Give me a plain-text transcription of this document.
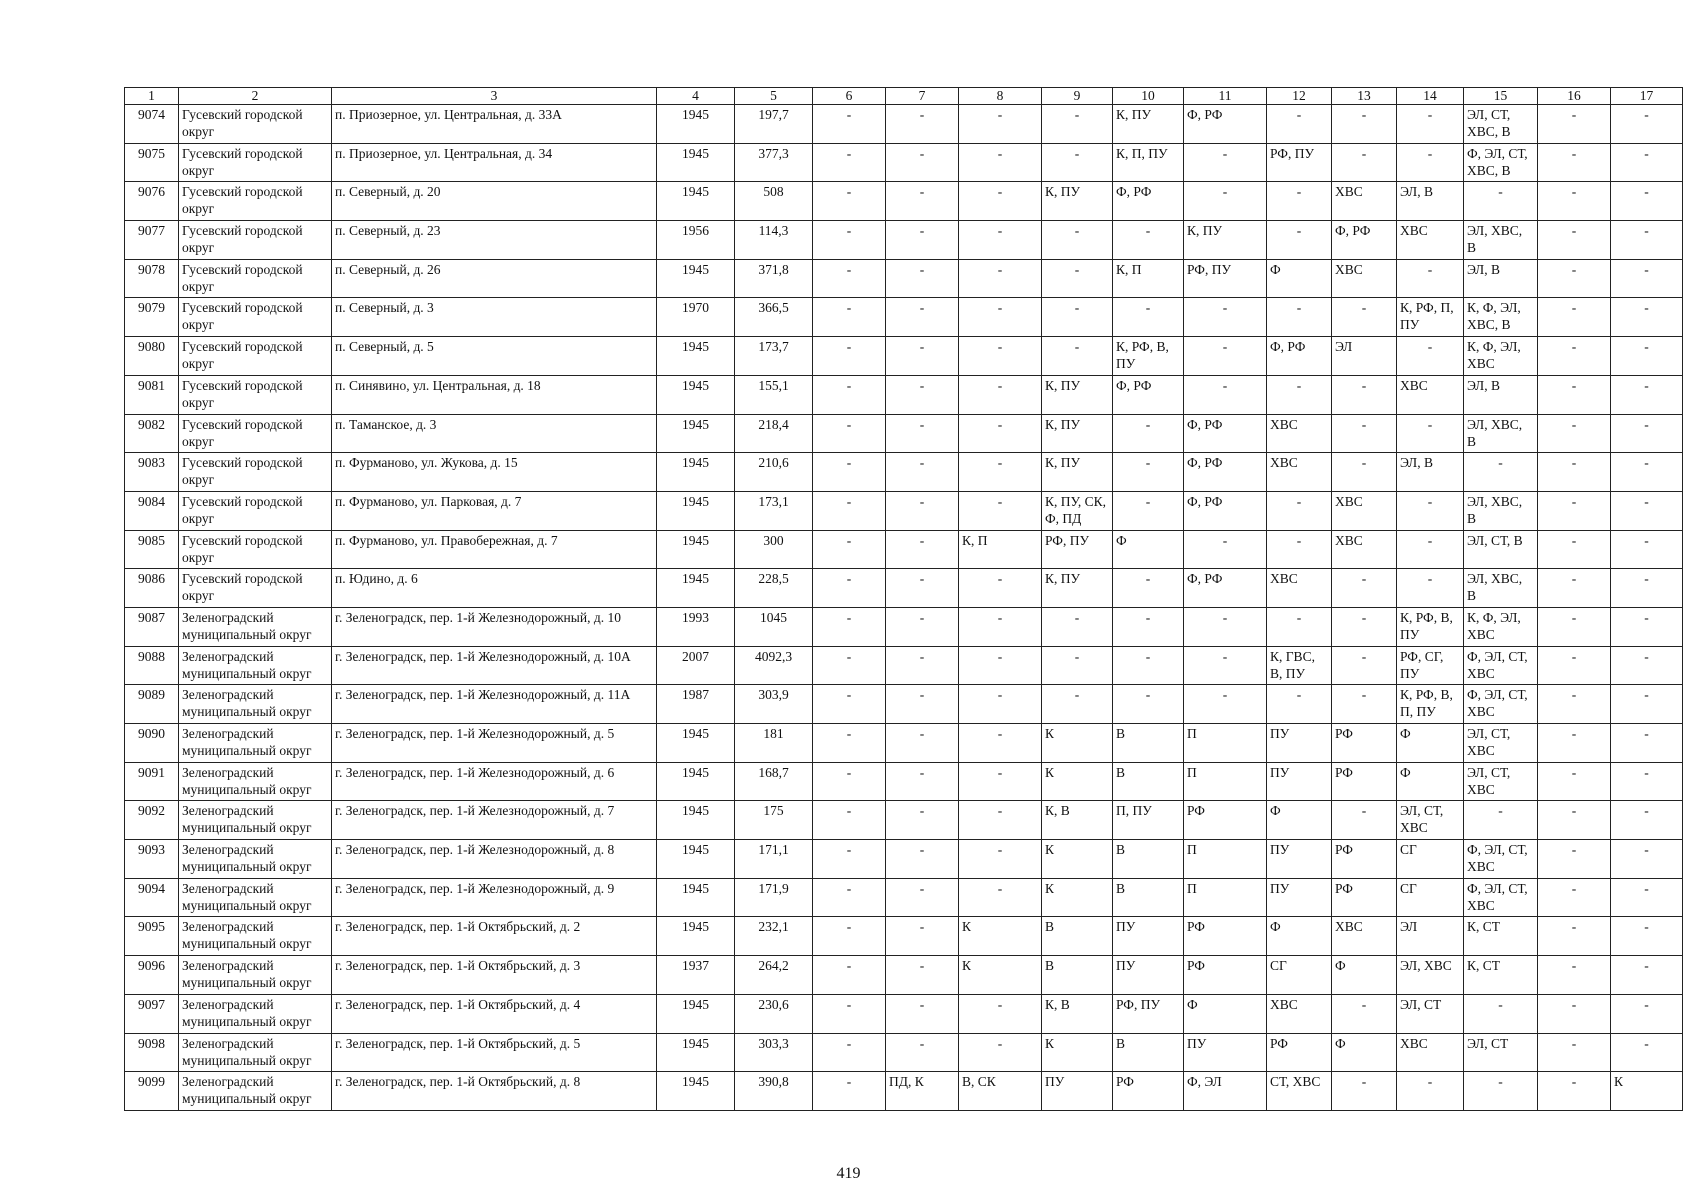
1	2	3	4	5	6	7	8	9	10	11	12	13	14	15	16	17
9074	Гусевский городской округ	п. Приозерное, ул. Центральная, д. 33А	1945	197,7	-	-	-	-	К, ПУ	Ф, РФ	-	-	-	ЭЛ, СТ, ХВС, В	-	-
9075	Гусевский городской округ	п. Приозерное, ул. Центральная, д. 34	1945	377,3	-	-	-	-	К, П, ПУ	-	РФ, ПУ	-	-	Ф, ЭЛ, СТ, ХВС, В	-	-
9076	Гусевский городской округ	п. Северный, д. 20	1945	508	-	-	-	К, ПУ	Ф, РФ	-	-	ХВС	ЭЛ, В	-	-	-
9077	Гусевский городской округ	п. Северный, д. 23	1956	114,3	-	-	-	-	-	К, ПУ	-	Ф, РФ	ХВС	ЭЛ, ХВС, В	-	-
9078	Гусевский городской округ	п. Северный, д. 26	1945	371,8	-	-	-	-	К, П	РФ, ПУ	Ф	ХВС	-	ЭЛ, В	-	-
9079	Гусевский городской округ	п. Северный, д. 3	1970	366,5	-	-	-	-	-	-	-	-	К, РФ, П, ПУ	К, Ф, ЭЛ, ХВС, В	-	-
9080	Гусевский городской округ	п. Северный, д. 5	1945	173,7	-	-	-	-	К, РФ, В, ПУ	-	Ф, РФ	ЭЛ	-	К, Ф, ЭЛ, ХВС	-	-
9081	Гусевский городской округ	п. Синявино, ул. Центральная, д. 18	1945	155,1	-	-	-	К, ПУ	Ф, РФ	-	-	-	ХВС	ЭЛ, В	-	-
9082	Гусевский городской округ	п. Таманское, д. 3	1945	218,4	-	-	-	К, ПУ	-	Ф, РФ	ХВС	-	-	ЭЛ, ХВС, В	-	-
9083	Гусевский городской округ	п. Фурманово, ул. Жукова, д. 15	1945	210,6	-	-	-	К, ПУ	-	Ф, РФ	ХВС	-	ЭЛ, В	-	-	-
9084	Гусевский городской округ	п. Фурманово, ул. Парковая, д. 7	1945	173,1	-	-	-	К, ПУ, СК, Ф, ПД	-	Ф, РФ	-	ХВС	-	ЭЛ, ХВС, В	-	-
9085	Гусевский городской округ	п. Фурманово, ул. Правобережная, д. 7	1945	300	-	-	К, П	РФ, ПУ	Ф	-	-	ХВС	-	ЭЛ, СТ, В	-	-
9086	Гусевский городской округ	п. Юдино, д. 6	1945	228,5	-	-	-	К, ПУ	-	Ф, РФ	ХВС	-	-	ЭЛ, ХВС, В	-	-
9087	Зеленоградский муниципальный округ	г. Зеленоградск, пер. 1-й Железнодорожный, д. 10	1993	1045	-	-	-	-	-	-	-	-	К, РФ, В, ПУ	К, Ф, ЭЛ, ХВС	-	-
9088	Зеленоградский муниципальный округ	г. Зеленоградск, пер. 1-й Железнодорожный, д. 10А	2007	4092,3	-	-	-	-	-	-	К, ГВС, В, ПУ	-	РФ, СГ, ПУ	Ф, ЭЛ, СТ, ХВС	-	-
9089	Зеленоградский муниципальный округ	г. Зеленоградск, пер. 1-й Железнодорожный, д. 11А	1987	303,9	-	-	-	-	-	-	-	-	К, РФ, В, П, ПУ	Ф, ЭЛ, СТ, ХВС	-	-
9090	Зеленоградский муниципальный округ	г. Зеленоградск, пер. 1-й Железнодорожный, д. 5	1945	181	-	-	-	К	В	П	ПУ	РФ	Ф	ЭЛ, СТ, ХВС	-	-
9091	Зеленоградский муниципальный округ	г. Зеленоградск, пер. 1-й Железнодорожный, д. 6	1945	168,7	-	-	-	К	В	П	ПУ	РФ	Ф	ЭЛ, СТ, ХВС	-	-
9092	Зеленоградский муниципальный округ	г. Зеленоградск, пер. 1-й Железнодорожный, д. 7	1945	175	-	-	-	К, В	П, ПУ	РФ	Ф	-	ЭЛ, СТ, ХВС	-	-	-
9093	Зеленоградский муниципальный округ	г. Зеленоградск, пер. 1-й Железнодорожный, д. 8	1945	171,1	-	-	-	К	В	П	ПУ	РФ	СГ	Ф, ЭЛ, СТ, ХВС	-	-
9094	Зеленоградский муниципальный округ	г. Зеленоградск, пер. 1-й Железнодорожный, д. 9	1945	171,9	-	-	-	К	В	П	ПУ	РФ	СГ	Ф, ЭЛ, СТ, ХВС	-	-
9095	Зеленоградский муниципальный округ	г. Зеленоградск, пер. 1-й Октябрьский, д. 2	1945	232,1	-	-	К	В	ПУ	РФ	Ф	ХВС	ЭЛ	К, СТ	-	-
9096	Зеленоградский муниципальный округ	г. Зеленоградск, пер. 1-й Октябрьский, д. 3	1937	264,2	-	-	К	В	ПУ	РФ	СГ	Ф	ЭЛ, ХВС	К, СТ	-	-
9097	Зеленоградский муниципальный округ	г. Зеленоградск, пер. 1-й Октябрьский, д. 4	1945	230,6	-	-	-	К, В	РФ, ПУ	Ф	ХВС	-	ЭЛ, СТ	-	-	-
9098	Зеленоградский муниципальный округ	г. Зеленоградск, пер. 1-й Октябрьский, д. 5	1945	303,3	-	-	-	К	В	ПУ	РФ	Ф	ХВС	ЭЛ, СТ	-	-
9099	Зеленоградский муниципальный округ	г. Зеленоградск, пер. 1-й Октябрьский, д. 8	1945	390,8	-	ПД, К	В, СК	ПУ	РФ	Ф, ЭЛ	СТ, ХВС	-	-	-	-	К
419
